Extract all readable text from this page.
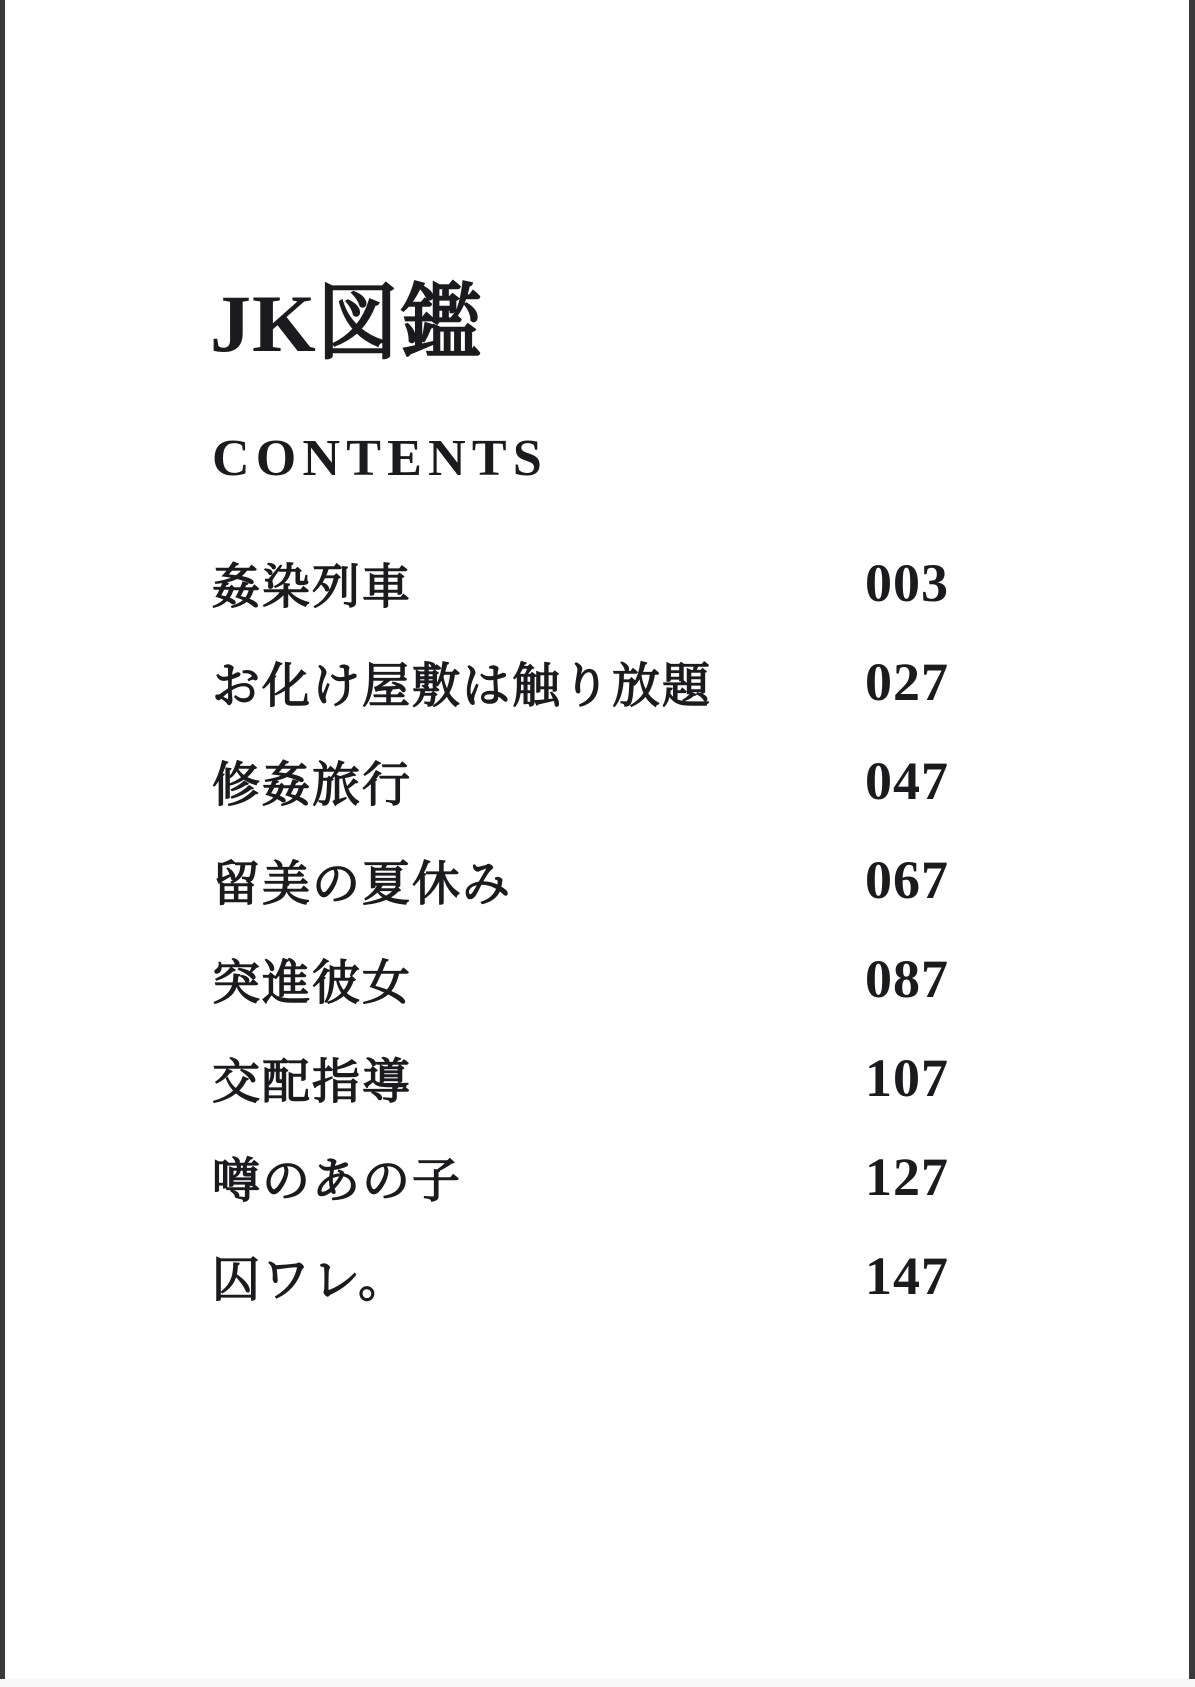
JK図鑑
CONTENTS
姦染列車	003
お化け屋敷は触り放題	027
修姦旅行	047
留美の夏休み	067
突進彼女	087
交配指導	107
噂のあの子	127
囚ワレ。	147
